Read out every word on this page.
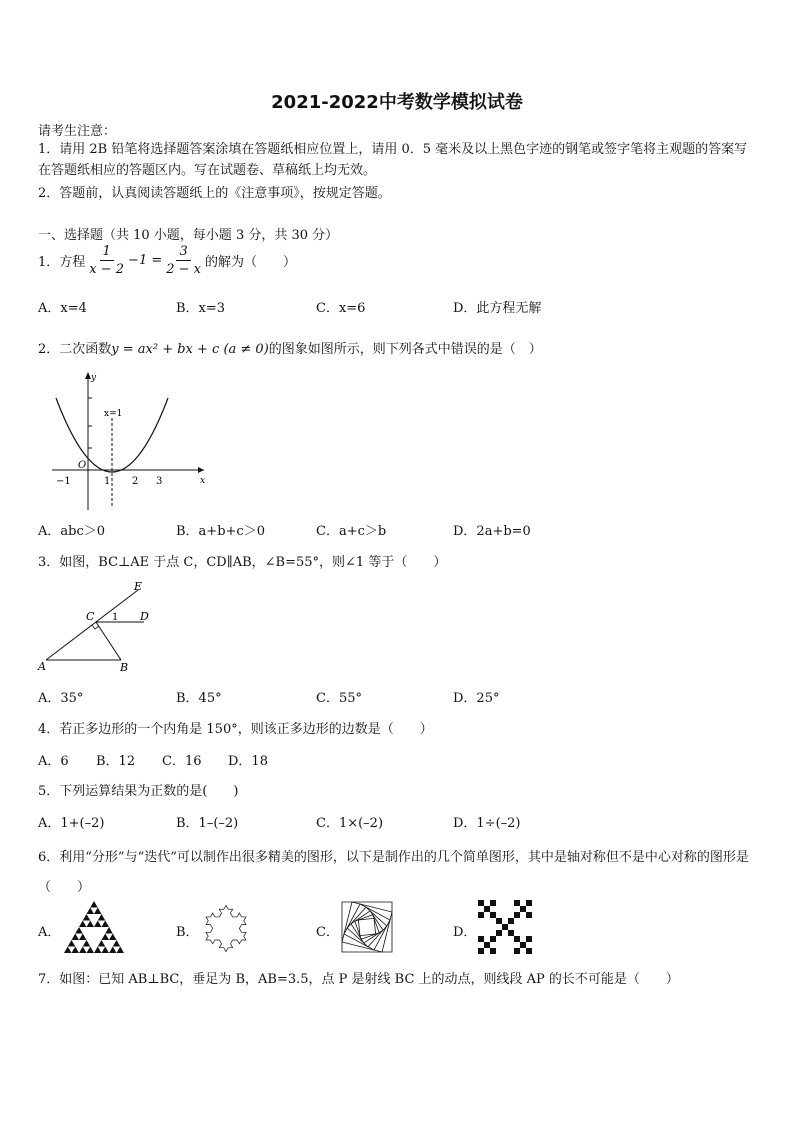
2021-2022中考数学模拟试卷
请考生注意：
1．请用 2B 铅笔将选择题答案涂填在答题纸相应位置上，请用 0．5 毫米及以上黑色字迹的钢笔或签字笔将主观题的答案写在答题纸相应的答题区内。写在试题卷、草稿纸上均无效。
2．答题前，认真阅读答题纸上的《注意事项》，按规定答题。
一、选择题（共 10 小题，每小题 3 分，共 30 分）
1．方程 $\frac{1}{x - 2} -1 = \frac{3}{2 - x}$ 的解为（　　）
A．x=4	B．x=3	C．x=6	D．此方程无解
2．二次函数y = ax² + bx + c (a ≠ 0)的图象如图所示，则下列各式中错误的是（　）
y
x
O
x=1
−1	1 2 3
A．abc＞0	B．a+b+c＞0	C．a+c＞b	D．2a+b=0
3．如图，BC⊥AE 于点 C，CD∥AB，∠B=55°，则∠1 等于（　　）
E
C 1 D
A	B
A．35°	B．45°	C．55°	D．25°
4．若正多边形的一个内角是 150°，则该正多边形的边数是（　　）
A．6 B．12 C．16 D．18
5．下列运算结果为正数的是(　　)
A．1+(–2)	B．1–(–2)	C．1×(–2)	D．1÷(–2)
6．利用“分形”与“迭代”可以制作出很多精美的图形，以下是制作出的几个简单图形，其中是轴对称但不是中心对称的图形是（　　）
A．	B．	C．	D．
7．如图：已知 AB⊥BC，垂足为 B，AB=3.5，点 P 是射线 BC 上的动点，则线段 AP 的长不可能是（　　）
